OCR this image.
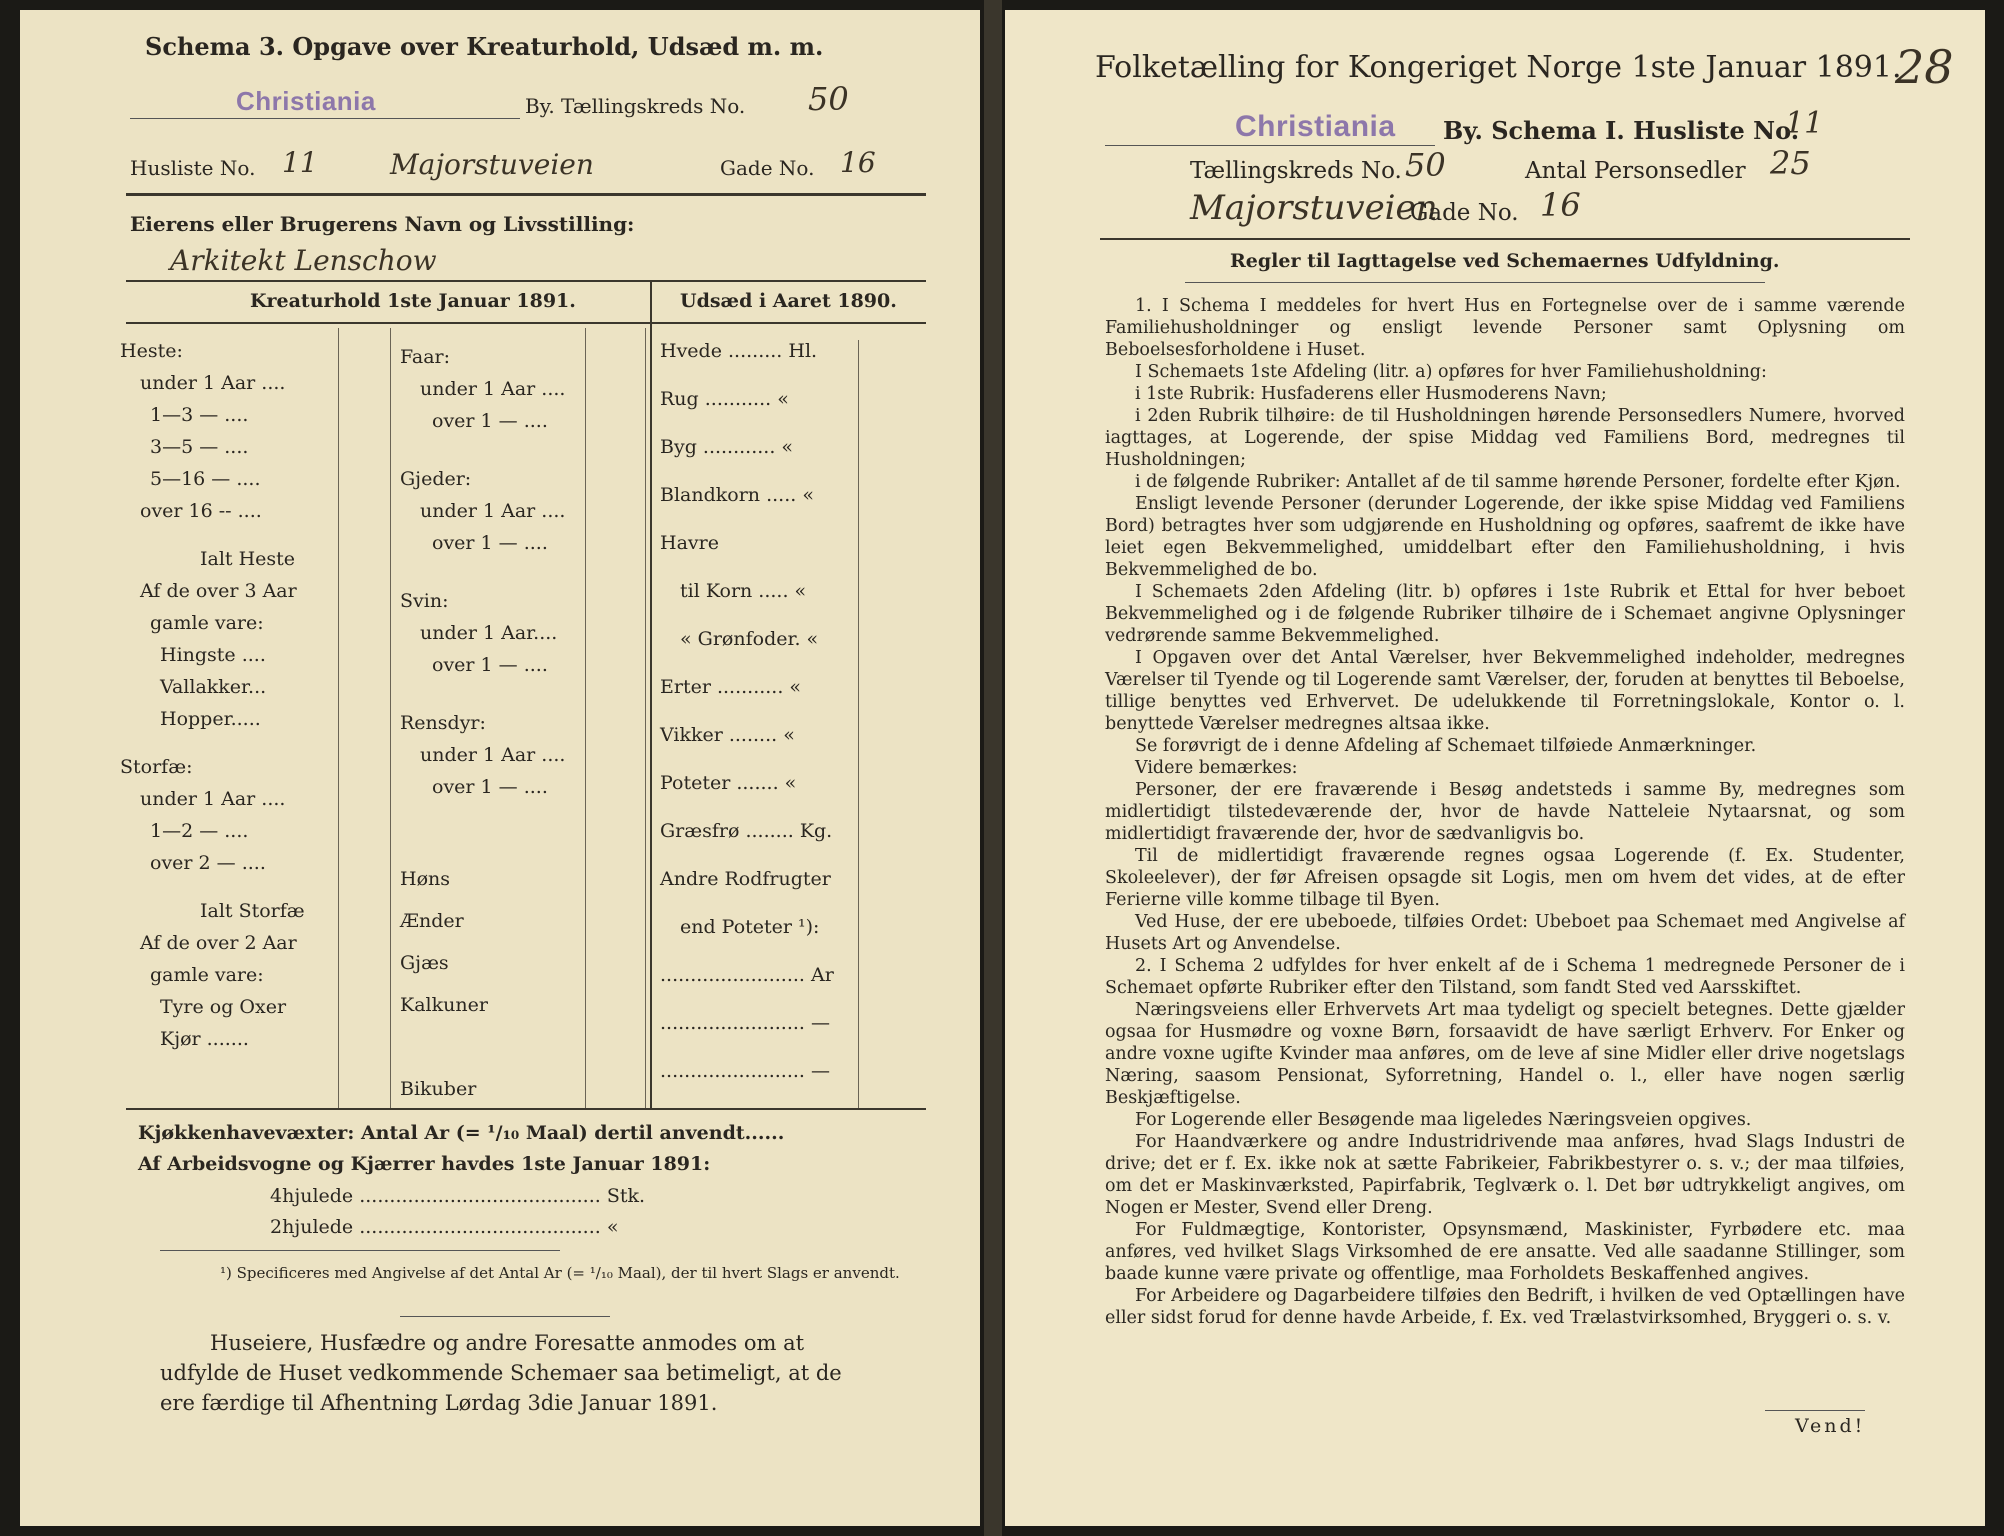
Schema 3. Opgave over Kreaturhold, Udsæd m. m.
Christiania	By. Tællingskreds No. 50
Husliste No. 11	Majorstuveien	Gade No. 16
Eierens eller Brugerens Navn og Livsstilling:
Arkitekt Lenschow
Kreaturhold 1ste Januar 1891.	Udsæd i Aaret 1890.
Heste:
under 1 Aar ....
1—3 — ....
3—5 — ....
5—16 — ....
over 16 -- ....
Ialt Heste
Af de over 3 Aar
gamle vare:
Hingste ....
Vallakker...
Hopper.....
Storfæ:
under 1 Aar ....
1—2 — ....
over 2 — ....
Ialt Storfæ
Af de over 2 Aar
gamle vare:
Tyre og Oxer
Kjør .......
Faar:
under 1 Aar ....
over 1 — ....
Gjeder:
under 1 Aar ....
over 1 — ....
Svin:
under 1 Aar....
over 1 — ....
Rensdyr:
under 1 Aar ....
over 1 — ....
Høns
Ænder
Gjæs
Kalkuner
Bikuber
Hvede ......... Hl.
Rug ........... «
Byg ............ «
Blandkorn ..... «
Havre
til Korn ..... «
« Grønfoder. «
Erter ........... «
Vikker ........ «
Poteter ....... «
Græsfrø ........ Kg.
Andre Rodfrugter
end Poteter ¹):
........................ Ar
........................ —
........................ —
Kjøkkenhavevæxter: Antal Ar (= ¹/₁₀ Maal) dertil anvendt......
Af Arbeidsvogne og Kjærrer havdes 1ste Januar 1891:
4hjulede ........................................ Stk.
2hjulede ........................................ «
¹) Specificeres med Angivelse af det Antal Ar (= ¹/₁₀ Maal), der til hvert Slags er anvendt.
Huseiere, Husfædre og andre Foresatte anmodes om at
udfylde de Huset vedkommende Schemaer saa betimeligt, at de
ere færdige til Afhentning Lørdag 3die Januar 1891.
Folketælling for Kongeriget Norge 1ste Januar 1891.
28
Christiania By. Schema I. Husliste No.
11
Tællingskreds No. 50	Antal Personsedler 25
Majorstuveien
Gade No. 16
Regler til Iagttagelse ved Schemaernes Udfyldning.

1. I Schema I meddeles for hvert Hus en Fortegnelse over de i samme værende Familiehusholdninger og ensligt levende Personer samt Oplysning om Beboelsesforholdene i Huset.

I Schemaets 1ste Afdeling (litr. a) opføres for hver Familiehusholdning:

i 1ste Rubrik: Husfaderens eller Husmoderens Navn;

i 2den Rubrik tilhøire: de til Husholdningen hørende Personsedlers Numere, hvorved iagttages, at Logerende, der spise Middag ved Familiens Bord, medregnes til Husholdningen;

i de følgende Rubriker: Antallet af de til samme hørende Personer, fordelte efter Kjøn.

Ensligt levende Personer (derunder Logerende, der ikke spise Middag ved Familiens Bord) betragtes hver som udgjørende en Husholdning og opføres, saafremt de ikke have leiet egen Bekvemmelighed, umiddelbart efter den Familiehusholdning, i hvis Bekvemmelighed de bo.

I Schemaets 2den Afdeling (litr. b) opføres i 1ste Rubrik et Ettal for hver beboet Bekvemmelighed og i de følgende Rubriker tilhøire de i Schemaet angivne Oplysninger vedrørende samme Bekvemmelighed.

I Opgaven over det Antal Værelser, hver Bekvemmelighed indeholder, medregnes Værelser til Tyende og til Logerende samt Værelser, der, foruden at benyttes til Beboelse, tillige benyttes ved Erhvervet. De udelukkende til Forretningslokale, Kontor o. l. benyttede Værelser medregnes altsaa ikke.

Se forøvrigt de i denne Afdeling af Schemaet tilføiede Anmærkninger.

Videre bemærkes:

Personer, der ere fraværende i Besøg andetsteds i samme By, medregnes som midlertidigt tilstedeværende der, hvor de havde Natteleie Nytaarsnat, og som midlertidigt fraværende der, hvor de sædvanligvis bo.

Til de midlertidigt fraværende regnes ogsaa Logerende (f. Ex. Studenter, Skoleelever), der før Afreisen opsagde sit Logis, men om hvem det vides, at de efter Ferierne ville komme tilbage til Byen.

Ved Huse, der ere ubeboede, tilføies Ordet: Ubeboet paa Schemaet med Angivelse af Husets Art og Anvendelse.

2. I Schema 2 udfyldes for hver enkelt af de i Schema 1 medregnede Personer de i Schemaet opførte Rubriker efter den Tilstand, som fandt Sted ved Aarsskiftet.

Næringsveiens eller Erhvervets Art maa tydeligt og specielt betegnes. Dette gjælder ogsaa for Husmødre og voxne Børn, forsaavidt de have særligt Erhverv. For Enker og andre voxne ugifte Kvinder maa anføres, om de leve af sine Midler eller drive nogetslags Næring, saasom Pensionat, Syforretning, Handel o. l., eller have nogen særlig Beskjæftigelse.

For Logerende eller Besøgende maa ligeledes Næringsveien opgives.

For Haandværkere og andre Industridrivende maa anføres, hvad Slags Industri de drive; det er f. Ex. ikke nok at sætte Fabrikeier, Fabrikbestyrer o. s. v.; der maa tilføies, om det er Maskinværksted, Papirfabrik, Teglværk o. l. Det bør udtrykkeligt angives, om Nogen er Mester, Svend eller Dreng.

For Fuldmægtige, Kontorister, Opsynsmænd, Maskinister, Fyrbødere etc. maa anføres, ved hvilket Slags Virksomhed de ere ansatte. Ved alle saadanne Stillinger, som baade kunne være private og offentlige, maa Forholdets Beskaffenhed angives.

For Arbeidere og Dagarbeidere tilføies den Bedrift, i hvilken de ved Optællingen have eller sidst forud for denne havde Arbeide, f. Ex. ved Trælastvirksomhed, Bryggeri o. s. v.

Vend!
